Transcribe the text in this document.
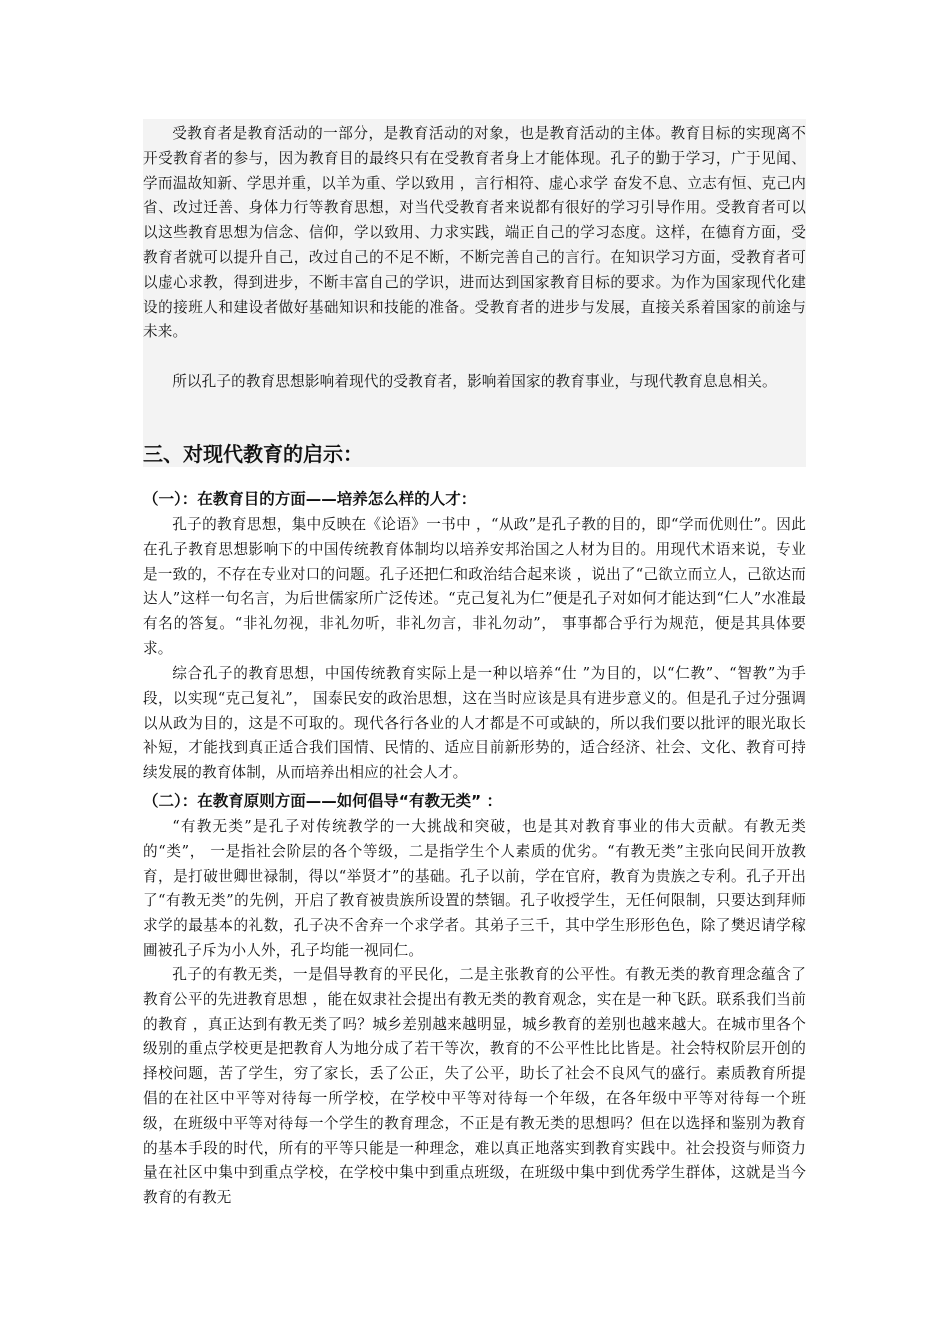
受教育者是教育活动的一部分，是教育活动的对象，也是教育活动的主体。教育目标的实现离不开受教育者的参与，因为教育目的最终只有在受教育者身上才能体现。孔子的勤于学习，广于见闻、学而温故知新、学思并重，以羊为重、学以致用 ，言行相符、虚心求学 奋发不息、立志有恒、克己内省、改过迁善、身体力行等教育思想，对当代受教育者来说都有很好的学习引导作用。受教育者可以以这些教育思想为信念、信仰，学以致用、力求实践，端正自己的学习态度。这样，在德育方面，受教育者就可以提升自己，改过自己的不足不断，不断完善自己的言行。在知识学习方面，受教育者可以虚心求教，得到进步，不断丰富自己的学识，进而达到国家教育目标的要求。为作为国家现代化建设的接班人和建设者做好基础知识和技能的准备。受教育者的进步与发展，直接关系着国家的前途与未来。

所以孔子的教育思想影响着现代的受教育者，影响着国家的教育事业，与现代教育息息相关。

三、对现代教育的启示：
（一）：在教育目的方面——培养怎么样的人才：

孔子的教育思想，集中反映在《论语》一书中 ，“从政”是孔子教的目的，即“学而优则仕”。因此在孔子教育思想影响下的中国传统教育体制均以培养安邦治国之人材为目的。用现代术语来说，专业是一致的，不存在专业对口的问题。孔子还把仁和政治结合起来谈 ，说出了“己欲立而立人，己欲达而达人”这样一句名言，为后世儒家所广泛传述。“克己复礼为仁”便是孔子对如何才能达到“仁人”水准最有名的答复。“非礼勿视，非礼勿听，非礼勿言，非礼勿动”， 事事都合乎行为规范，便是其具体要求。

综合孔子的教育思想，中国传统教育实际上是一种以培养“仕 ”为目的，以“仁教”、“智教”为手段，以实现“克己复礼”， 国泰民安的政治思想，这在当时应该是具有进步意义的。但是孔子过分强调以从政为目的，这是不可取的。现代各行各业的人才都是不可或缺的，所以我们要以批评的眼光取长补短，才能找到真正适合我们国情、民情的、适应目前新形势的，适合经济、社会、文化、教育可持续发展的教育体制，从而培养出相应的社会人才。

（二）：在教育原则方面——如何倡导“有教无类” ：

“有教无类”是孔子对传统教学的一大挑战和突破，也是其对教育事业的伟大贡献。有教无类的“类”， 一是指社会阶层的各个等级，二是指学生个人素质的优劣。“有教无类”主张向民间开放教育，是打破世卿世禄制，得以“举贤才”的基础。孔子以前，学在官府，教育为贵族之专利。孔子开出了“有教无类”的先例，开启了教育被贵族所设置的禁锢。孔子收授学生，无任何限制，只要达到拜师求学的最基本的礼数，孔子决不舍弃一个求学者。其弟子三千，其中学生形形色色，除了樊迟请学稼圃被孔子斥为小人外，孔子均能一视同仁。

孔子的有教无类，一是倡导教育的平民化，二是主张教育的公平性。有教无类的教育理念蕴含了教育公平的先进教育思想 ，能在奴隶社会提出有教无类的教育观念，实在是一种飞跃。联系我们当前的教育 ，真正达到有教无类了吗？城乡差别越来越明显，城乡教育的差别也越来越大。在城市里各个级别的重点学校更是把教育人为地分成了若干等次，教育的不公平性比比皆是。社会特权阶层开创的择校问题，苦了学生，穷了家长，丢了公正，失了公平，助长了社会不良风气的盛行。素质教育所提倡的在社区中平等对待每一所学校，在学校中平等对待每一个年级，在各年级中平等对待每一个班级，在班级中平等对待每一个学生的教育理念，不正是有教无类的思想吗？但在以选择和鉴别为教育的基本手段的时代，所有的平等只能是一种理念，难以真正地落实到教育实践中。社会投资与师资力量在社区中集中到重点学校，在学校中集中到重点班级，在班级中集中到优秀学生群体，这就是当今教育的有教无
